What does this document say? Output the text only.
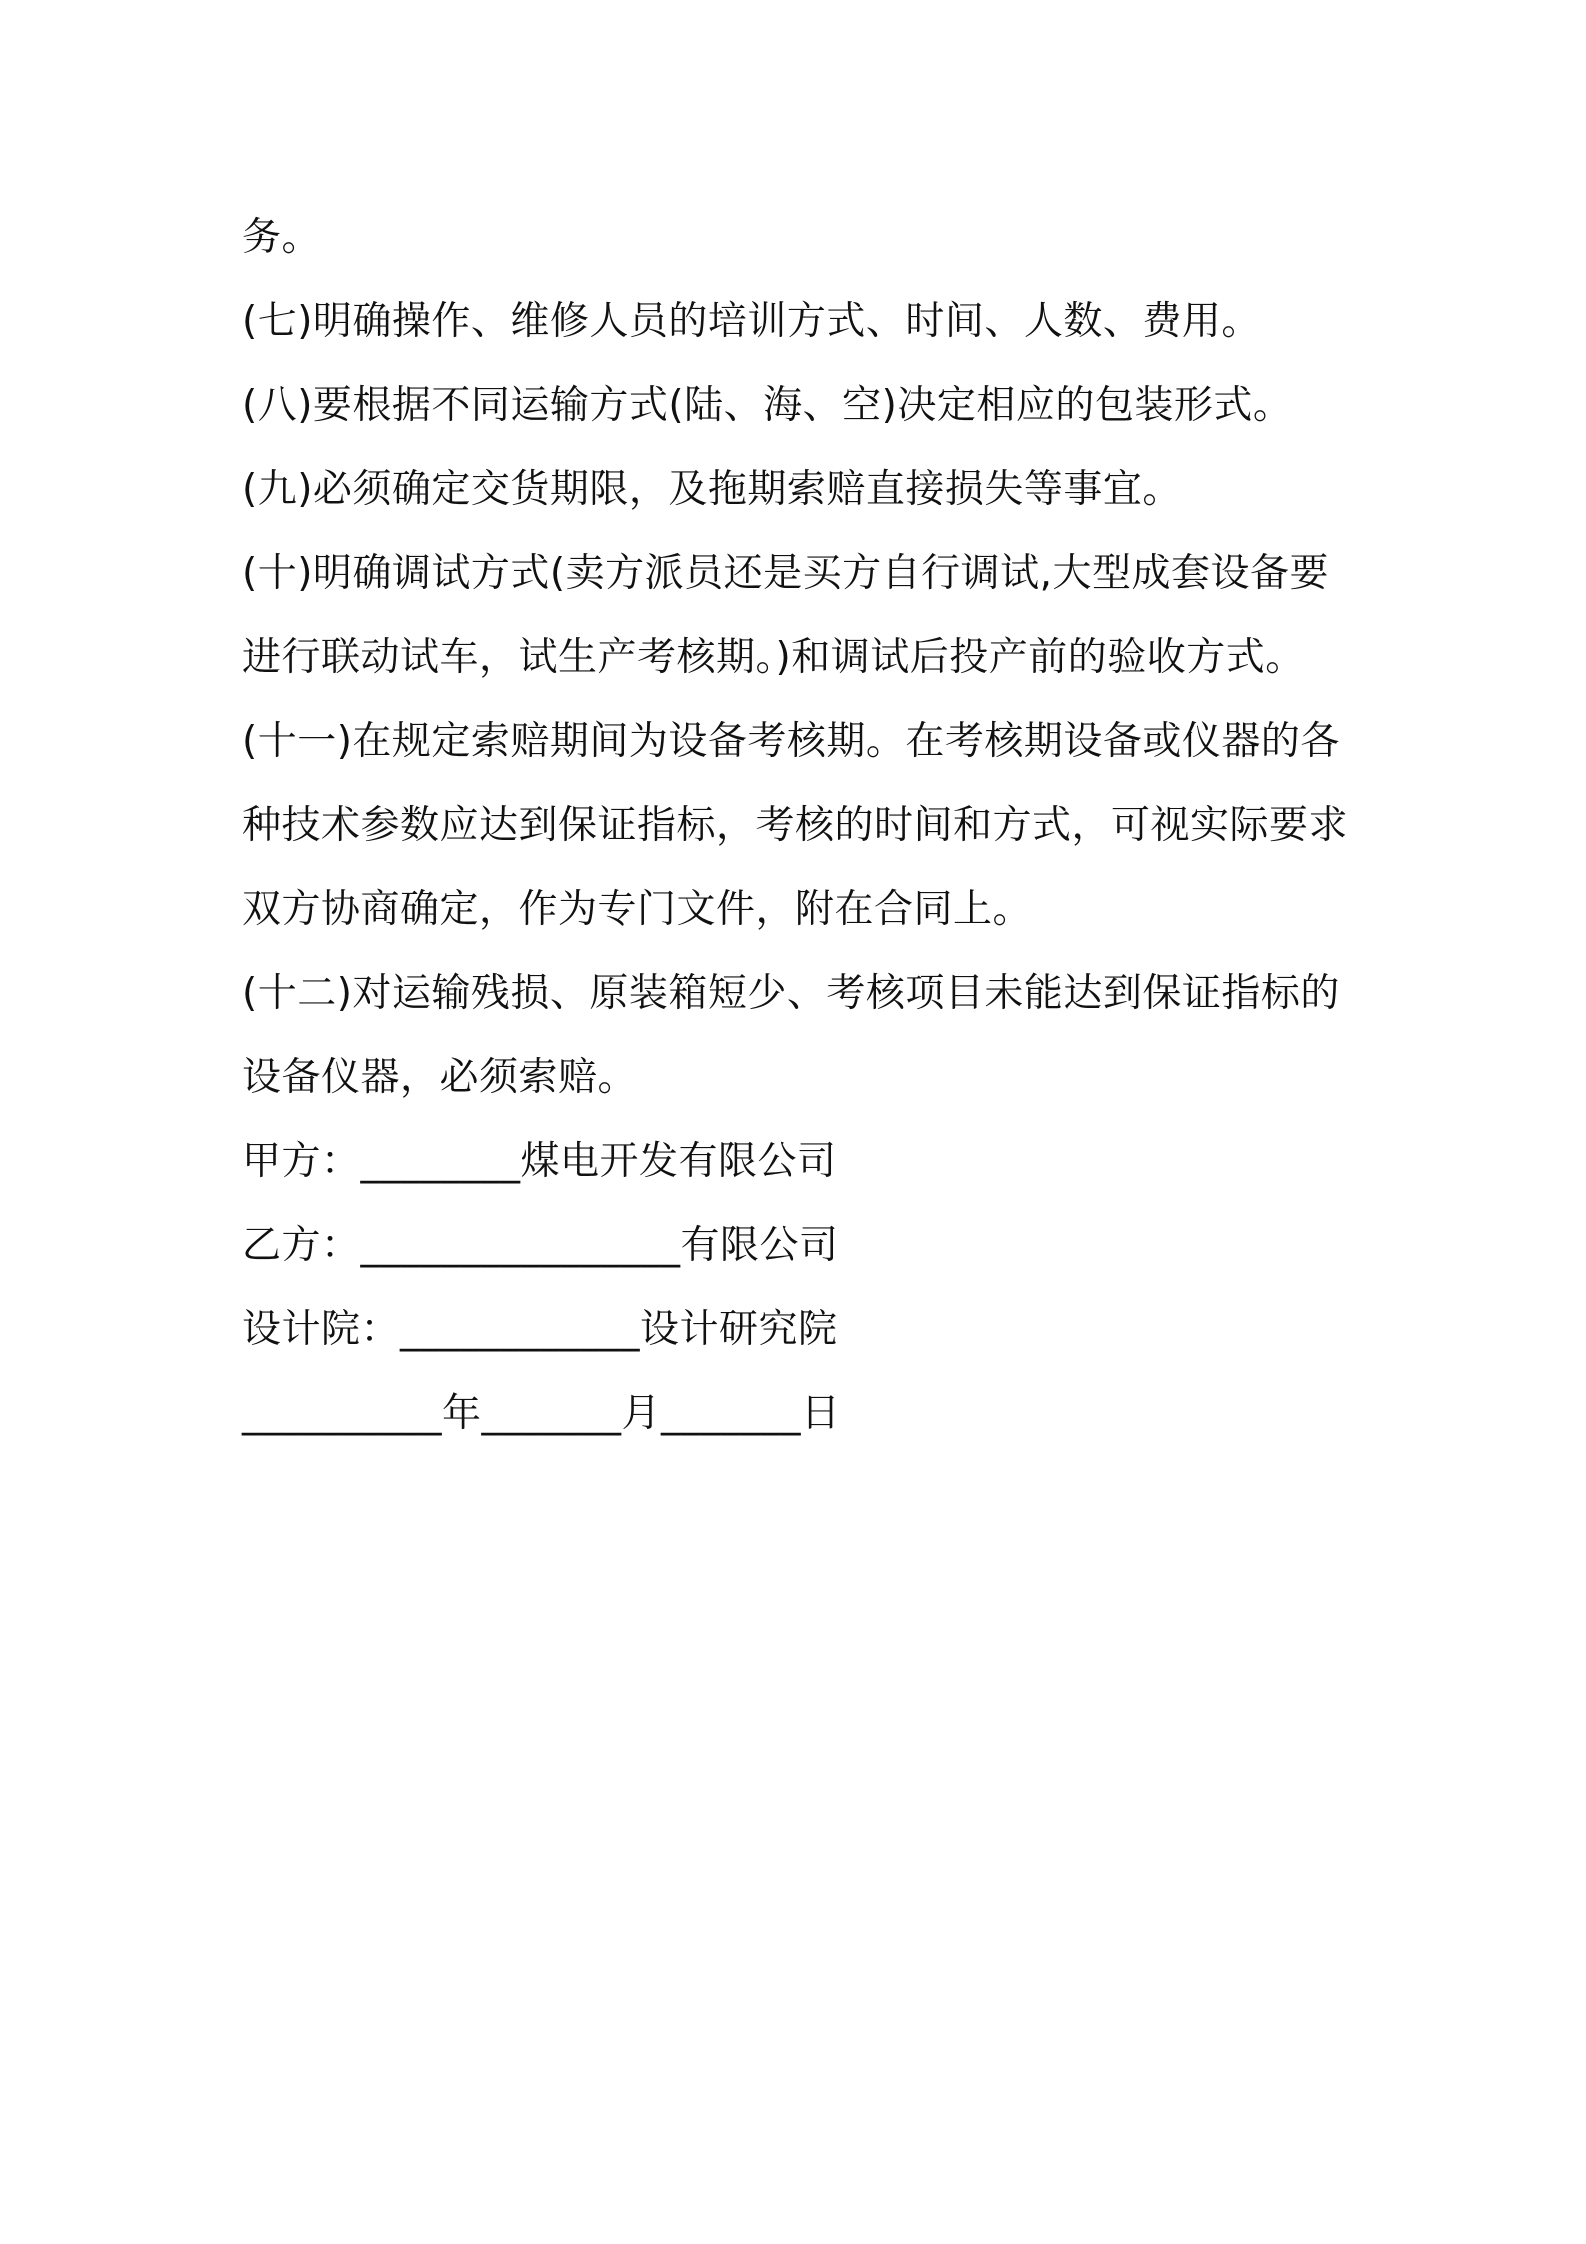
务。
(七)明确操作、维修人员的培训方式、时间、人数、费用。
(八)要根据不同运输方式(陆、海、空)决定相应的包装形式。
(九)必须确定交货期限，及拖期索赔直接损失等事宜。
(十)明确调试方式(卖方派员还是买方自行调试,大型成套设备要
进行联动试车，试生产考核期。)和调试后投产前的验收方式。
(十一)在规定索赔期间为设备考核期。在考核期设备或仪器的各
种技术参数应达到保证指标，考核的时间和方式，可视实际要求
双方协商确定，作为专门文件，附在合同上。
(十二)对运输残损、原装箱短少、考核项目未能达到保证指标的
设备仪器，必须索赔。
甲方：________煤电开发有限公司
乙方：________________有限公司
设计院：____________设计研究院
__________年_______月_______日
